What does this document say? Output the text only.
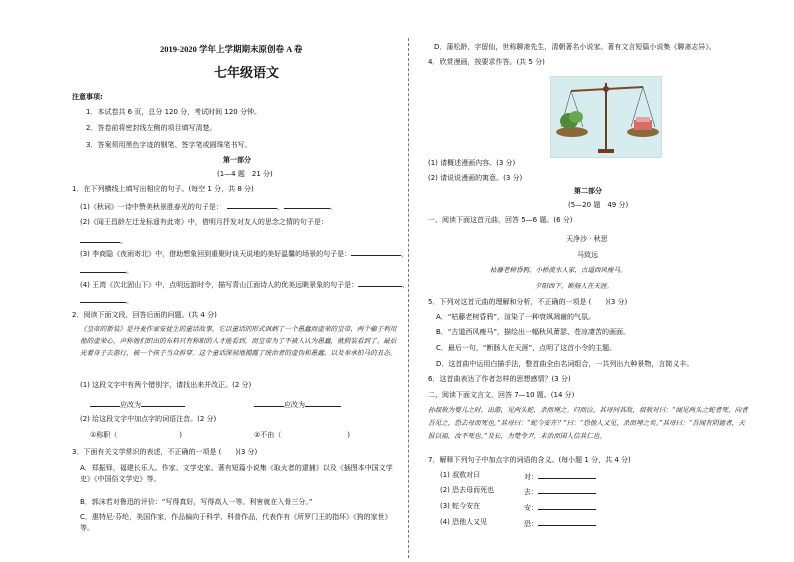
2019-2020 学年上学期期末原创卷 A 卷
七年级语文
注意事项:
1．本试卷共 6 页，总分 120 分，考试时间 120 分钟。
2．答卷前将密封线左侧的项目填写清楚。
3．答案须用黑色字迹的钢笔、签字笔或圆珠笔书写。
第一部分
(1—4 题　21 分)
1．在下列横线上填写出相应的句子。(每空 1 分，共 8 分)
(1)《秋词》一诗中赞美秋景胜春光的句子是：	，	。
(2)《闻王昌龄左迁龙标遥有此寄》中，借明月抒发对友人的思念之情的句子是：
。
(3) 李商隐《夜雨寄北》中，借助想象回到重聚时谈天说地的美好温馨的场景的句子是：	，
。
(4) 王湾《次北固山下》中，点明远游时令，描写青山江面诗人的优美远眺景象的句子是：	，
。
2．阅读下面文段，回答后面的问题。(共 4 分)
《皇帝的新装》是丹麦作家安徒生的童话故事，它以童话的形式讽刺了一个愚蠢而虚荣的皇帝，两个骗子利用他的虚荣心，声称他们织出的布料只有称职的人才能看到，而皇帝为了不被人认为愚蠢，就假装看到了。最后光着身子去游行，被一个孩子当众拆穿。这个童话深刻地揭露了统治者的虚伪和愚蠢，以及奉承拍马的丑态。
(1) 这段文字中有两个错别字，请找出来并改正。(2 分)
应改为	应改为
(2) 给这段文字中加点字的词语注音。(2 分)
①称职（	)	②不由（	)
3．下面有关文学常识的表述，不正确的一项是 (　　)(3 分)
A．郑振铎，福建长乐人。作家、文学史家。著有短篇小说集《取火者的逮捕》以及《插图本中国文学史》《中国俗文学史》等。
B．郭沫若对鲁迅的评价：“写得真好，写得高人一等。利害就在入骨三分。”
C．惠特尼·芬纶，美国作家，作品偏向于科学、科普作品，代表作有《所罗门王的指环》《狗的家世》等。
D．蒲松龄，字留仙，世称聊斋先生，清朝著名小说家。著有文言短篇小说集《聊斋志异》。
4．欣赏漫画，按要求作答。(共 5 分)
(1) 请概述漫画内容。(3 分)
(2) 请说说漫画的寓意。(3 分)
第二部分
(5—20 题　49 分)
一、阅读下面这首元曲，回答 5—6 题。(6 分)
天净沙 · 秋思
马致远
枯藤老树昏鸦，小桥流水人家，古道西风瘦马。
夕阳西下，断肠人在天涯。
5．下列对这首元曲的理解和分析，不正确的一项是 (　　)(3 分)
A．“枯藤老树昏鸦”，渲染了一种衰飒凋谢的气氛。
B．“古道西风瘦马”，描绘出一幅秋风萧瑟、苍凉凄苦的画面。
C．最后一句，“断肠人在天涯”，点明了这首小令的主题。
D．这首曲中运用白描手法，整首曲全由名词组合，一共列出九种景物，言简义丰。
6．这首曲表达了作者怎样的思想感情？(3 分)
二、阅读下面文言文，回答 7—10 题。(14 分)
孙叔敖为婴儿之时，出游，见两头蛇，杀而埋之。归而泣，其母问其故，叔敖对曰：“闻见两头之蛇者死，向者吾见之，恐去母而死也。”其母曰：“蛇今安在？”曰：“恐他人又见，杀而埋之矣。”其母曰：“吾闻有阴德者，天报以福，汝不死也。”及长，为楚令尹，未治而国人信其仁也。
7．解释下列句子中加点字的词语的含义。(每小题 1 分，共 4 分)
(1) 叔敖对曰	对：
(2) 恐去母而死也	去：
(3) 蛇今安在	安：
(4) 恐他人又见	恐：
